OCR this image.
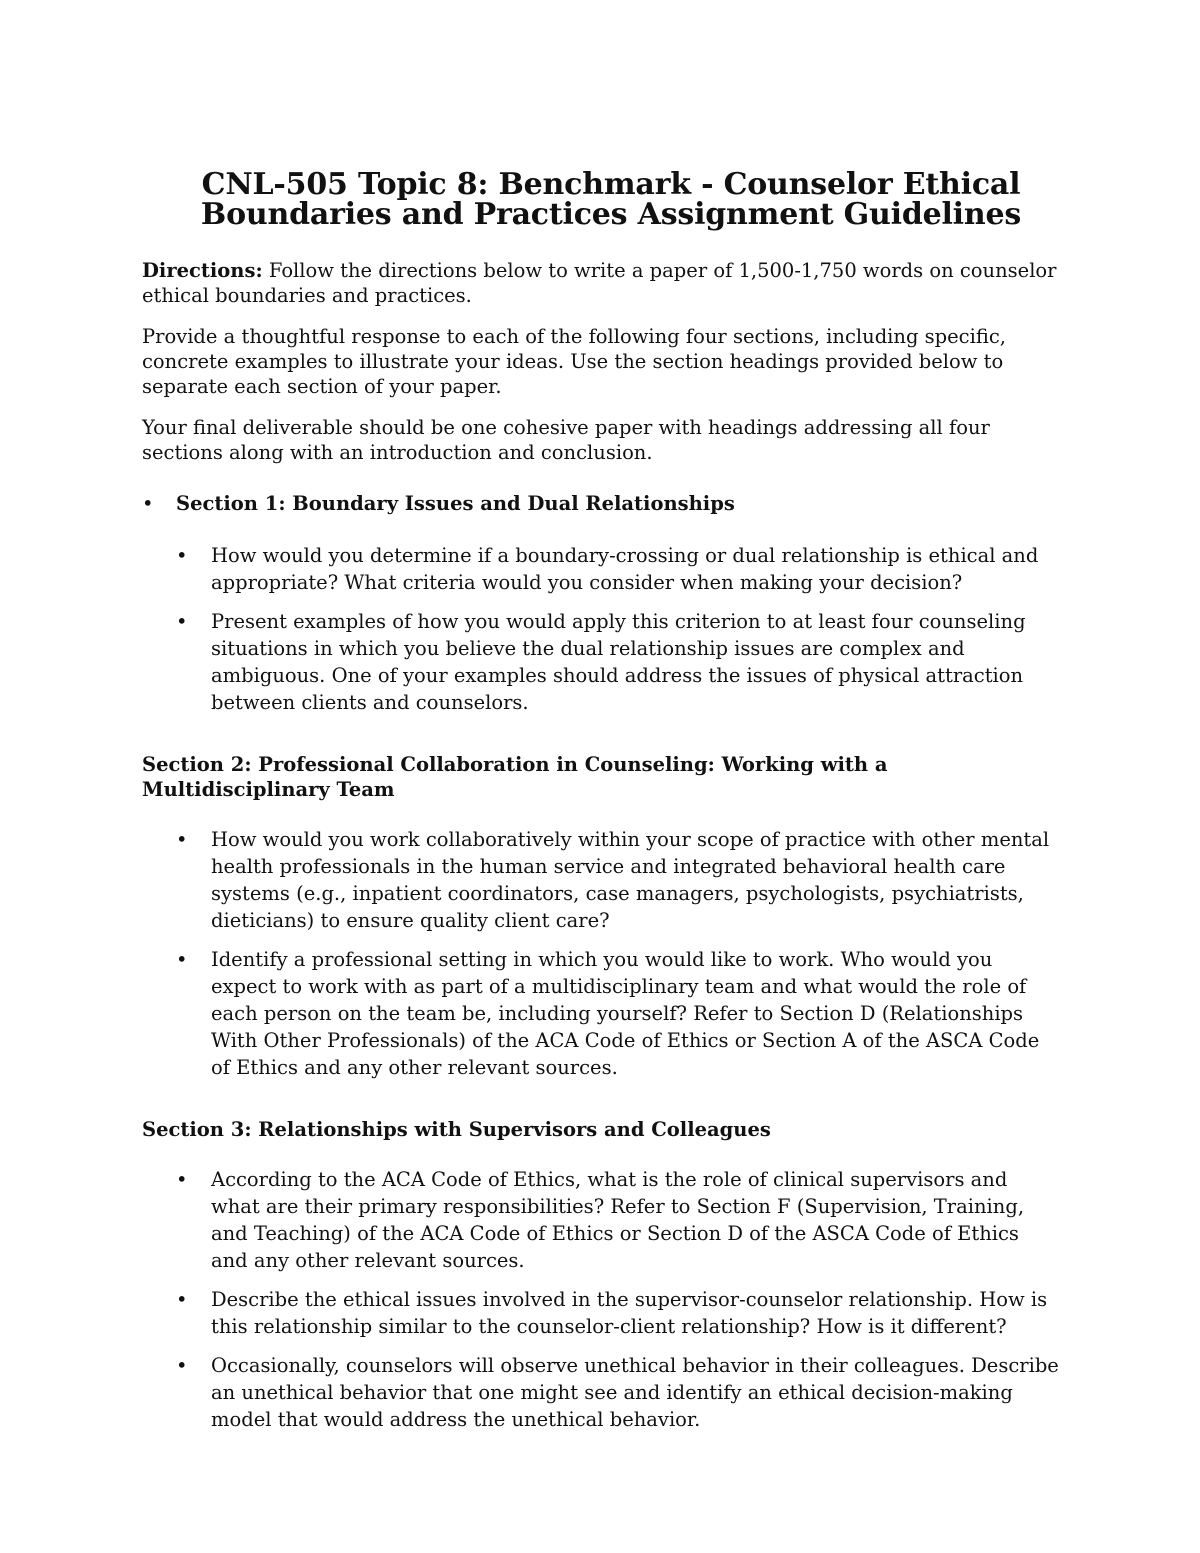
CNL-505 Topic 8: Benchmark - Counselor Ethical
Boundaries and Practices Assignment Guidelines

Directions: Follow the directions below to write a paper of 1,500-1,750 words on counselor ethical boundaries and practices.

Provide a thoughtful response to each of the following four sections, including specific, concrete examples to illustrate your ideas. Use the section headings provided below to separate each section of your paper.

Your final deliverable should be one cohesive paper with headings addressing all four sections along with an introduction and conclusion.

• Section 1: Boundary Issues and Dual Relationships
• How would you determine if a boundary-crossing or dual relationship is ethical and appropriate? What criteria would you consider when making your decision?
• Present examples of how you would apply this criterion to at least four counseling situations in which you believe the dual relationship issues are complex and ambiguous. One of your examples should address the issues of physical attraction between clients and counselors.
Section 2: Professional Collaboration in Counseling: Working with a Multidisciplinary Team
• How would you work collaboratively within your scope of practice with other mental health professionals in the human service and integrated behavioral health care systems (e.g., inpatient coordinators, case managers, psychologists, psychiatrists, dieticians) to ensure quality client care?
• Identify a professional setting in which you would like to work. Who would you expect to work with as part of a multidisciplinary team and what would the role of each person on the team be, including yourself? Refer to Section D (Relationships With Other Professionals) of the ACA Code of Ethics or Section A of the ASCA Code of Ethics and any other relevant sources.
Section 3: Relationships with Supervisors and Colleagues
• According to the ACA Code of Ethics, what is the role of clinical supervisors and what are their primary responsibilities? Refer to Section F (Supervision, Training, and Teaching) of the ACA Code of Ethics or Section D of the ASCA Code of Ethics and any other relevant sources.
• Describe the ethical issues involved in the supervisor-counselor relationship. How is this relationship similar to the counselor-client relationship? How is it different?
• Occasionally, counselors will observe unethical behavior in their colleagues. Describe an unethical behavior that one might see and identify an ethical decision-making model that would address the unethical behavior.
